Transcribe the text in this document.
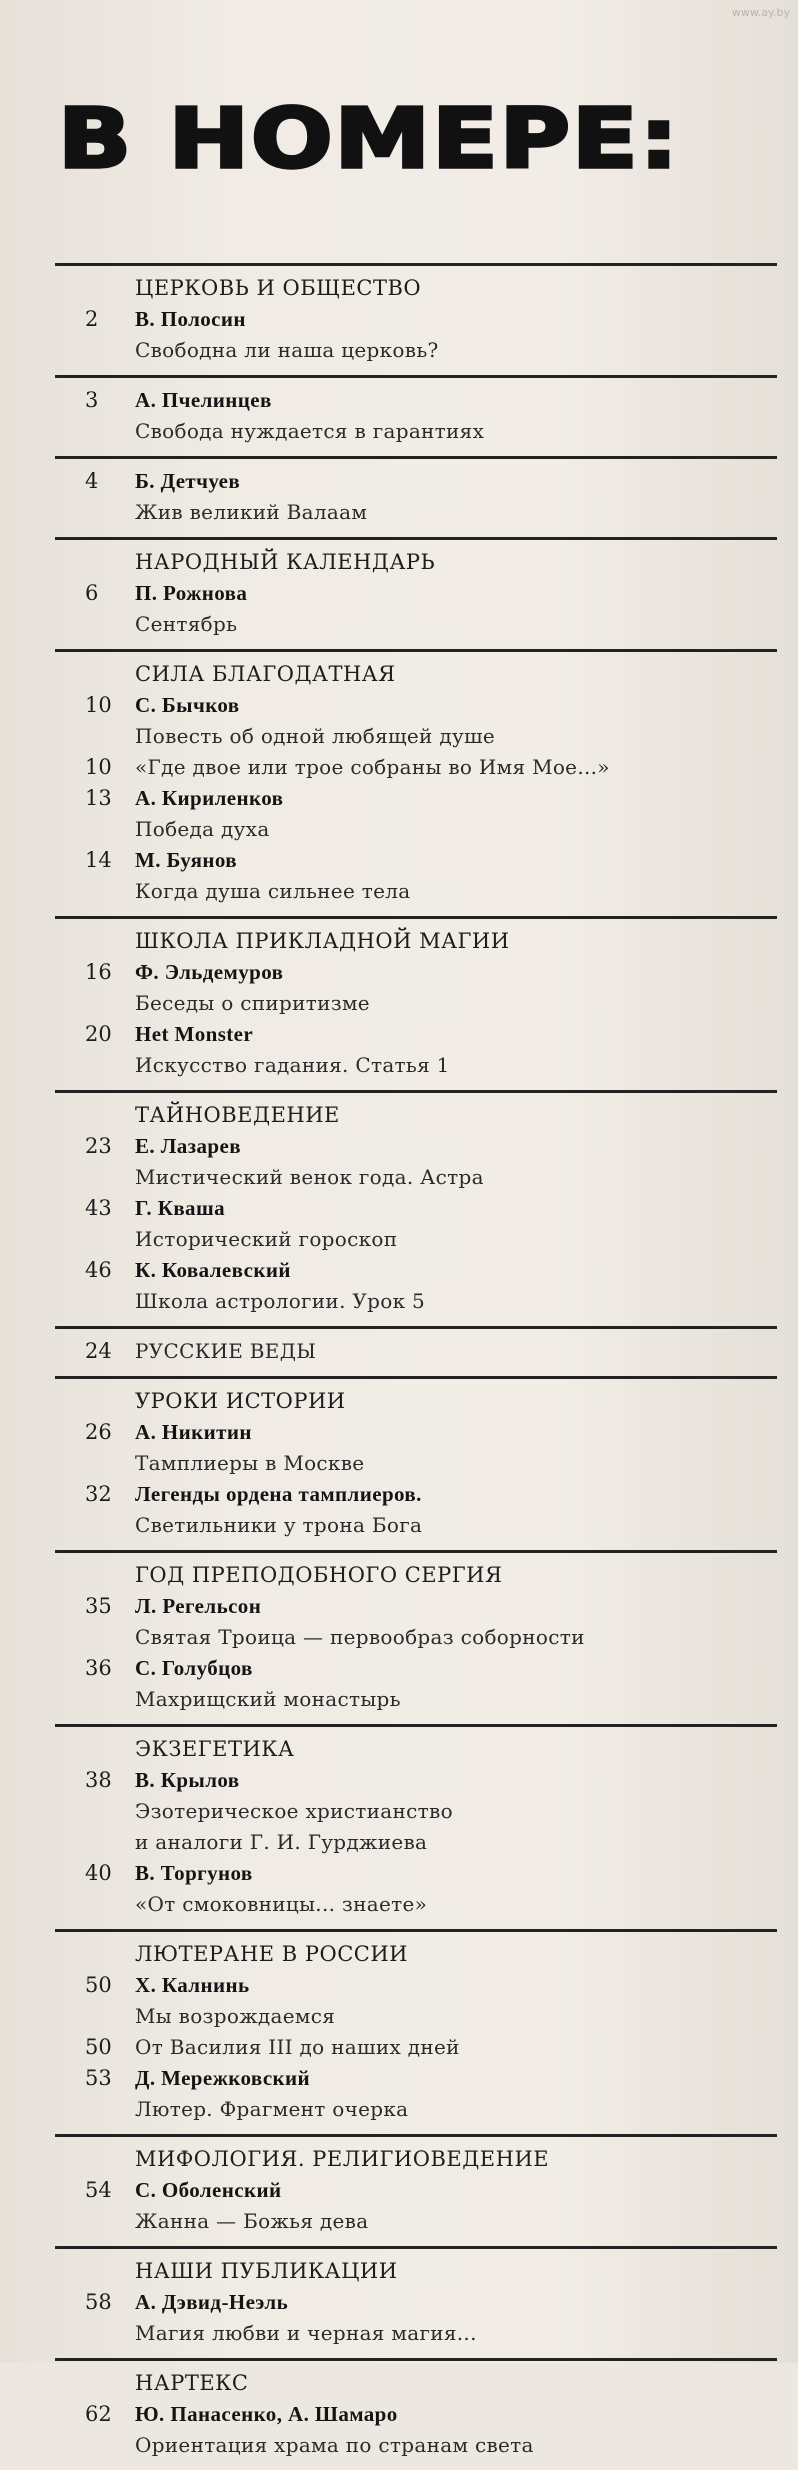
www.ay.by
В НОМЕРЕ:
ЦЕРКОВЬ И ОБЩЕСТВО
2	В. Полосин
Свободна ли наша церковь?
3	А. Пчелинцев
Свобода нуждается в гарантиях
4	Б. Детчуев
Жив великий Валаам
НАРОДНЫЙ КАЛЕНДАРЬ
6	П. Рожнова
Сентябрь
СИЛА БЛАГОДАТНАЯ
10	С. Бычков
Повесть об одной любящей душе
10	«Где двое или трое собраны во Имя Мое...»
13	А. Кириленков
Победа духа
14	М. Буянов
Когда душа сильнее тела
ШКОЛА ПРИКЛАДНОЙ МАГИИ
16	Ф. Эльдемуров
Беседы о спиритизме
20	Het Monster
Искусство гадания. Статья 1
ТАЙНОВЕДЕНИЕ
23	Е. Лазарев
Мистический венок года. Астра
43	Г. Кваша
Исторический гороскоп
46	К. Ковалевский
Школа астрологии. Урок 5
24	РУССКИЕ ВЕДЫ
УРОКИ ИСТОРИИ
26	А. Никитин
Тамплиеры в Москве
32	Легенды ордена тамплиеров.
Светильники у трона Бога
ГОД ПРЕПОДОБНОГО СЕРГИЯ
35	Л. Регельсон
Святая Троица — первообраз соборности
36	С. Голубцов
Махрищский монастырь
ЭКЗЕГЕТИКА
38	В. Крылов
Эзотерическое христианство
и аналоги Г. И. Гурджиева
40	В. Торгунов
«От смоковницы... знаете»
ЛЮТЕРАНЕ В РОССИИ
50	Х. Калнинь
Мы возрождаемся
50	От Василия III до наших дней
53	Д. Мережковский
Лютер. Фрагмент очерка
МИФОЛОГИЯ. РЕЛИГИОВЕДЕНИЕ
54	С. Оболенский
Жанна — Божья дева
НАШИ ПУБЛИКАЦИИ
58	А. Дэвид-Неэль
Магия любви и черная магия...
НАРТЕКС
62	Ю. Панасенко, А. Шамаро
Ориентация храма по странам света
